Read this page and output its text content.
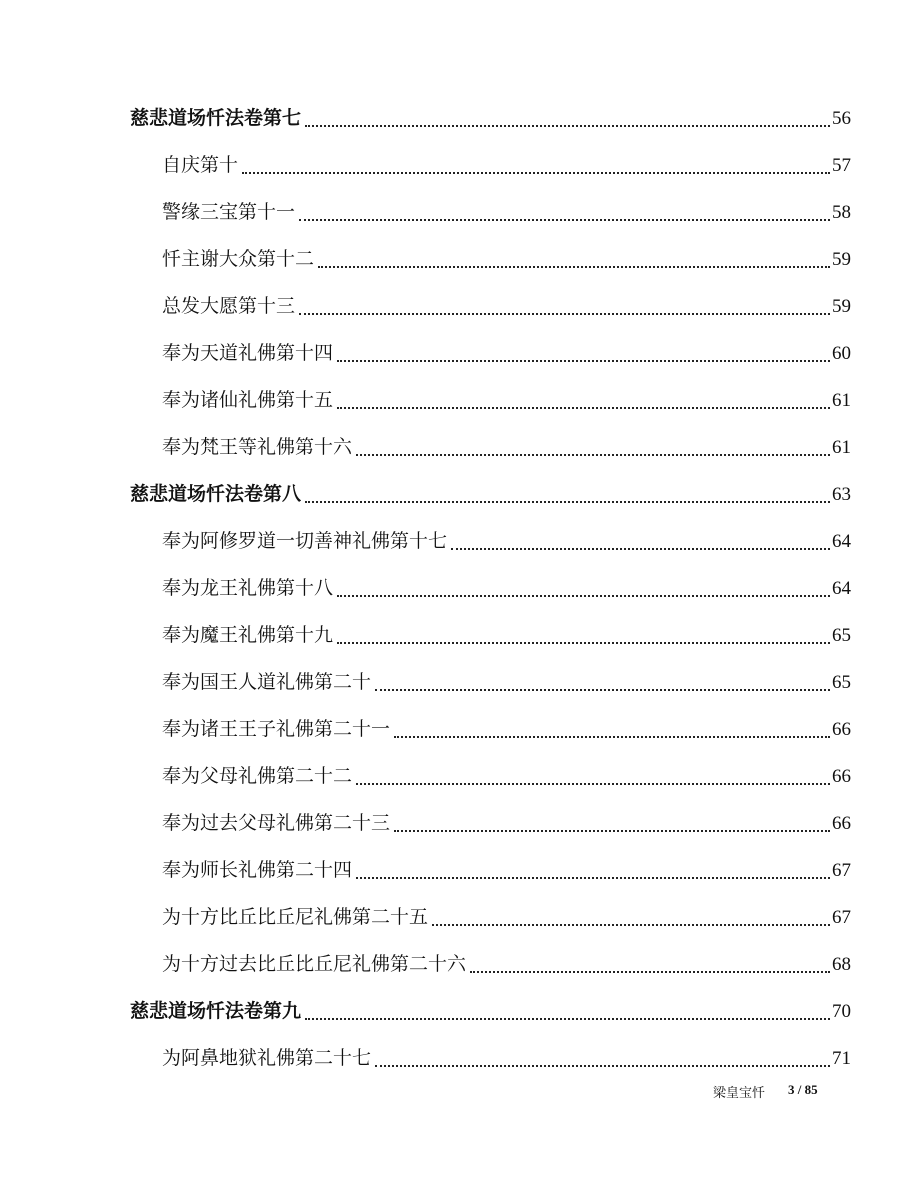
慈悲道场忏法卷第七	56
自庆第十	57
警缘三宝第十一	58
忏主谢大众第十二	59
总发大愿第十三	59
奉为天道礼佛第十四	60
奉为诸仙礼佛第十五	61
奉为梵王等礼佛第十六	61
慈悲道场忏法卷第八	63
奉为阿修罗道一切善神礼佛第十七	64
奉为龙王礼佛第十八	64
奉为魔王礼佛第十九	65
奉为国王人道礼佛第二十	65
奉为诸王王子礼佛第二十一	66
奉为父母礼佛第二十二	66
奉为过去父母礼佛第二十三	66
奉为师长礼佛第二十四	67
为十方比丘比丘尼礼佛第二十五	67
为十方过去比丘比丘尼礼佛第二十六	68
慈悲道场忏法卷第九	70
为阿鼻地狱礼佛第二十七	71
梁皇宝忏 3 / 85
